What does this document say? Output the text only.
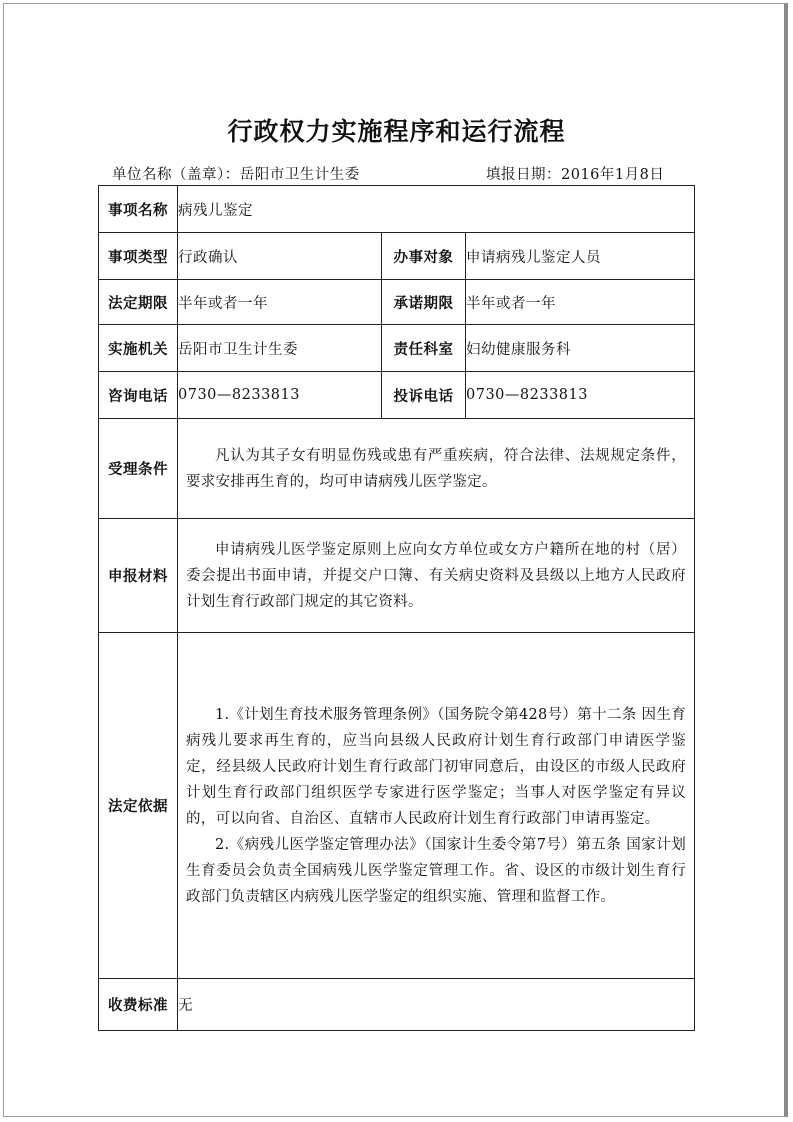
行政权力实施程序和运行流程
单位名称（盖章）：岳阳市卫生计生委	填报日期：2016年1月8日
事项名称	病残儿鉴定		
事项类型	行政确认	办事对象	申请病残儿鉴定人员
法定期限	半年或者一年	承诺期限	半年或者一年
实施机关	岳阳市卫生计生委	责任科室	妇幼健康服务科
咨询电话	0730—8233813	投诉电话	0730—8233813
受理条件	凡认为其子女有明显伤残或患有严重疾病，符合法律、法规规定条件，要求安排再生育的，均可申请病残儿医学鉴定。		

申报材料	申请病残儿医学鉴定原则上应向女方单位或女方户籍所在地的村（居）委会提出书面申请，并提交户口簿、有关病史资料及县级以上地方人民政府计划生育行政部门规定的其它资料。		

法定依据	1.《计划生育技术服务管理条例》（国务院令第428号）第十二条 因生育病残儿要求再生育的，应当向县级人民政府计划生育行政部门申请医学鉴定，经县级人民政府计划生育行政部门初审同意后，由设区的市级人民政府计划生育行政部门组织医学专家进行医学鉴定；当事人对医学鉴定有异议的，可以向省、自治区、直辖市人民政府计划生育行政部门申请再鉴定。
2.《病残儿医学鉴定管理办法》（国家计生委令第7号）第五条 国家计划生育委员会负责全国病残儿医学鉴定管理工作。省、设区的市级计划生育行政部门负责辖区内病残儿医学鉴定的组织实施、管理和监督工作。		

收费标准	无		
